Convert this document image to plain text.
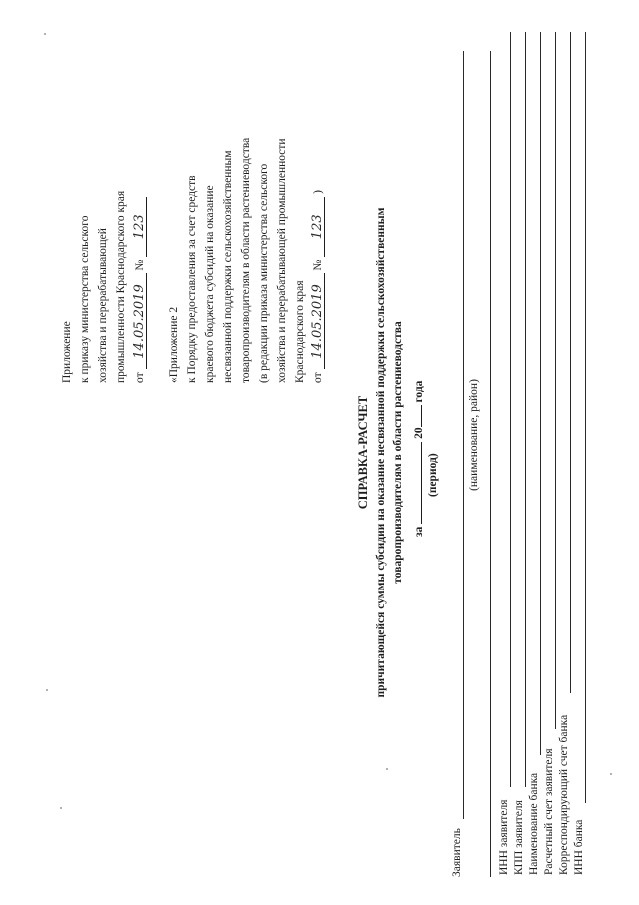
Приложение к приказу министерства сельского хозяйства и перерабатывающей промышленности Краснодарского края от 14.05.2019 № 123
«Приложение 2 к Порядку предоставления за счет средств краевого бюджета субсидий на оказание несвязанной поддержки сельскохозяйственным товаропроизводителям в области растениеводства (в редакции приказа министерства сельского хозяйства и перерабатывающей промышленности Краснодарского края от 14.05.2019 № 123 )
СПРАВКА-РАСЧЕТ причитающейся суммы субсидии на оказание несвязанной поддержки сельскохозяйственным товаропроизводителям в области растениеводства за  20 года
(период)
Заявитель
(наименование, район)
ИНН заявителя КПП заявителя Наименование банка Расчетный счет заявителя Корреспондирующий счет банка ИНН банка
